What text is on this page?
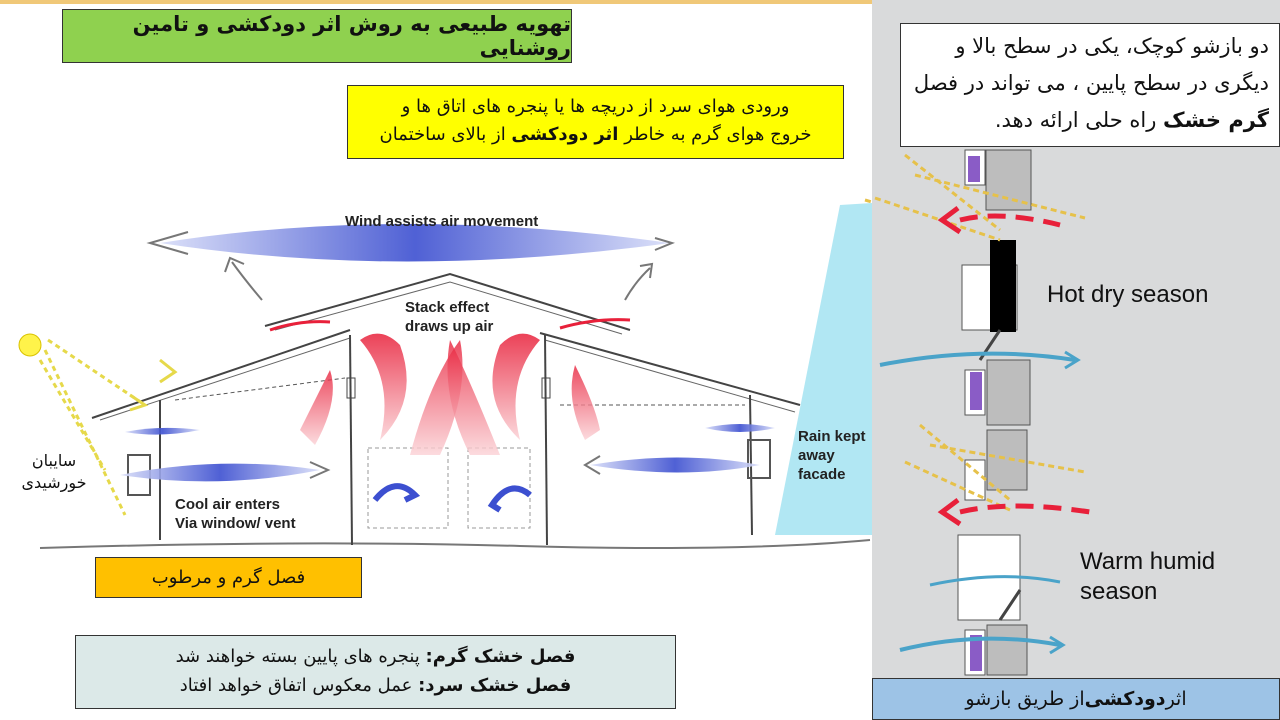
تهویه طبیعی به روش اثر دودکشی و تامین روشنایی
ورودی هوای سرد از دریچه ها یا پنجره های اتاق ها و
خروج هوای گرم به خاطر اثر دودکشی از بالای ساختمان
Wind assists air movement
Stack effect
draws up air
Cool air enters
Via window/ vent
Rain kept
away
facade
سایبان
خورشیدی
فصل گرم و مرطوب
فصل خشک گرم: پنجره های پایین بسته خواهند شد
فصل خشک سرد: عمل معکوس اتفاق خواهد افتاد
دو بازشو کوچک، یکی در سطح بالا و دیگری در سطح پایین ، می تواند در فصل گرم خشک راه حلی ارائه دهد.
Hot dry season
Warm humid
season
اثر
دودکشی
از طریق بازشو
